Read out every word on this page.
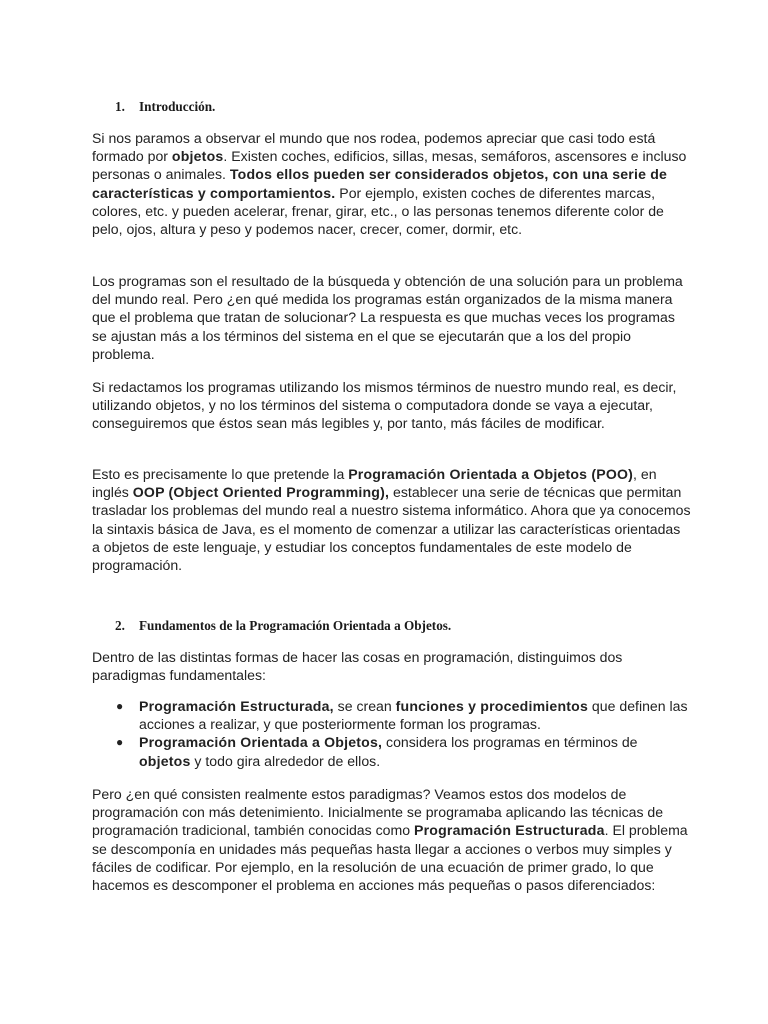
1. Introducción.

Si nos paramos a observar el mundo que nos rodea, podemos apreciar que casi todo está formado por objetos. Existen coches, edificios, sillas, mesas, semáforos, ascensores e incluso personas o animales. Todos ellos pueden ser considerados objetos, con una serie de características y comportamientos. Por ejemplo, existen coches de diferentes marcas, colores, etc. y pueden acelerar, frenar, girar, etc., o las personas tenemos diferente color de pelo, ojos, altura y peso y podemos nacer, crecer, comer, dormir, etc.

Los programas son el resultado de la búsqueda y obtención de una solución para un problema del mundo real. Pero ¿en qué medida los programas están organizados de la misma manera que el problema que tratan de solucionar? La respuesta es que muchas veces los programas se ajustan más a los términos del sistema en el que se ejecutarán que a los del propio problema.

Si redactamos los programas utilizando los mismos términos de nuestro mundo real, es decir, utilizando objetos, y no los términos del sistema o computadora donde se vaya a ejecutar, conseguiremos que éstos sean más legibles y, por tanto, más fáciles de modificar.

Esto es precisamente lo que pretende la Programación Orientada a Objetos (POO), en inglés OOP (Object Oriented Programming), establecer una serie de técnicas que permitan trasladar los problemas del mundo real a nuestro sistema informático. Ahora que ya conocemos la sintaxis básica de Java, es el momento de comenzar a utilizar las características orientadas a objetos de este lenguaje, y estudiar los conceptos fundamentales de este modelo de programación.

2. Fundamentos de la Programación Orientada a Objetos.

Dentro de las distintas formas de hacer las cosas en programación, distinguimos dos paradigmas fundamentales:

● Programación Estructurada, se crean funciones y procedimientos que definen las acciones a realizar, y que posteriormente forman los programas.
● Programación Orientada a Objetos, considera los programas en términos de objetos y todo gira alrededor de ellos.

Pero ¿en qué consisten realmente estos paradigmas? Veamos estos dos modelos de programación con más detenimiento. Inicialmente se programaba aplicando las técnicas de programación tradicional, también conocidas como Programación Estructurada. El problema se descomponía en unidades más pequeñas hasta llegar a acciones o verbos muy simples y fáciles de codificar. Por ejemplo, en la resolución de una ecuación de primer grado, lo que hacemos es descomponer el problema en acciones más pequeñas o pasos diferenciados:
